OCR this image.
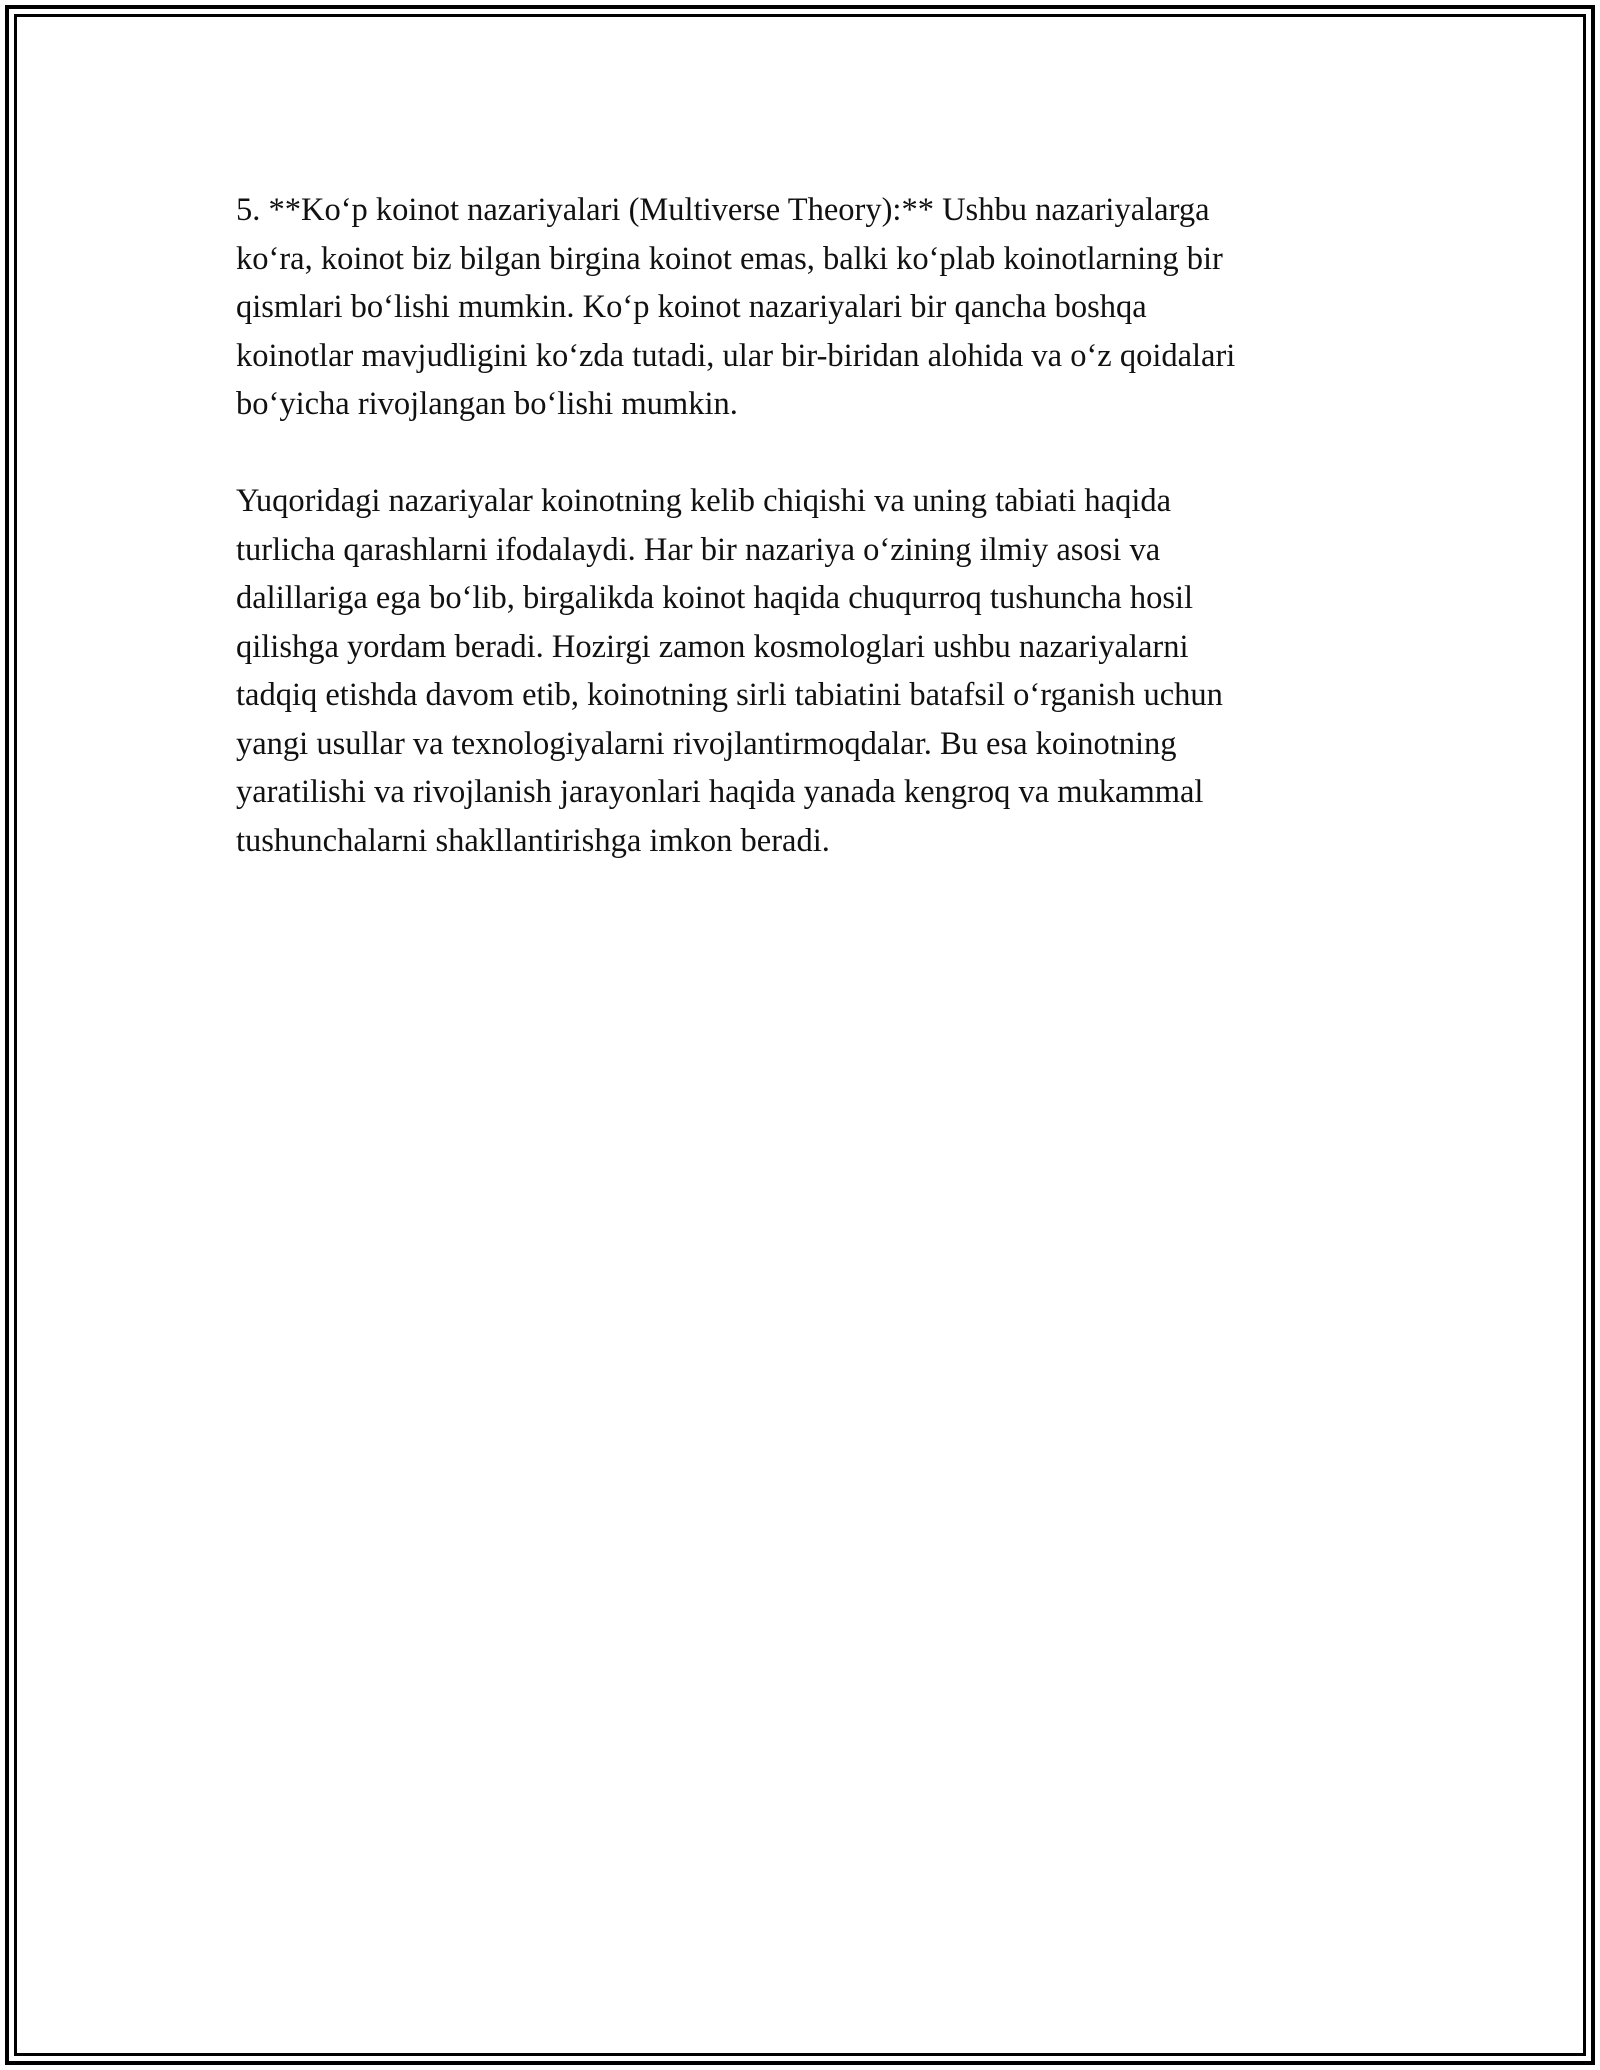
5. **Koʻp koinot nazariyalari (Multiverse Theory):** Ushbu nazariyalarga
koʻra, koinot biz bilgan birgina koinot emas, balki koʻplab koinotlarning bir
qismlari boʻlishi mumkin. Koʻp koinot nazariyalari bir qancha boshqa
koinotlar mavjudligini koʻzda tutadi, ular bir-biridan alohida va oʻz qoidalari
boʻyicha rivojlangan boʻlishi mumkin.

Yuqoridagi nazariyalar koinotning kelib chiqishi va uning tabiati haqida
turlicha qarashlarni ifodalaydi. Har bir nazariya oʻzining ilmiy asosi va
dalillariga ega boʻlib, birgalikda koinot haqida chuqurroq tushuncha hosil
qilishga yordam beradi. Hozirgi zamon kosmologlari ushbu nazariyalarni
tadqiq etishda davom etib, koinotning sirli tabiatini batafsil oʻrganish uchun
yangi usullar va texnologiyalarni rivojlantirmoqdalar. Bu esa koinotning
yaratilishi va rivojlanish jarayonlari haqida yanada kengroq va mukammal
tushunchalarni shakllantirishga imkon beradi.
